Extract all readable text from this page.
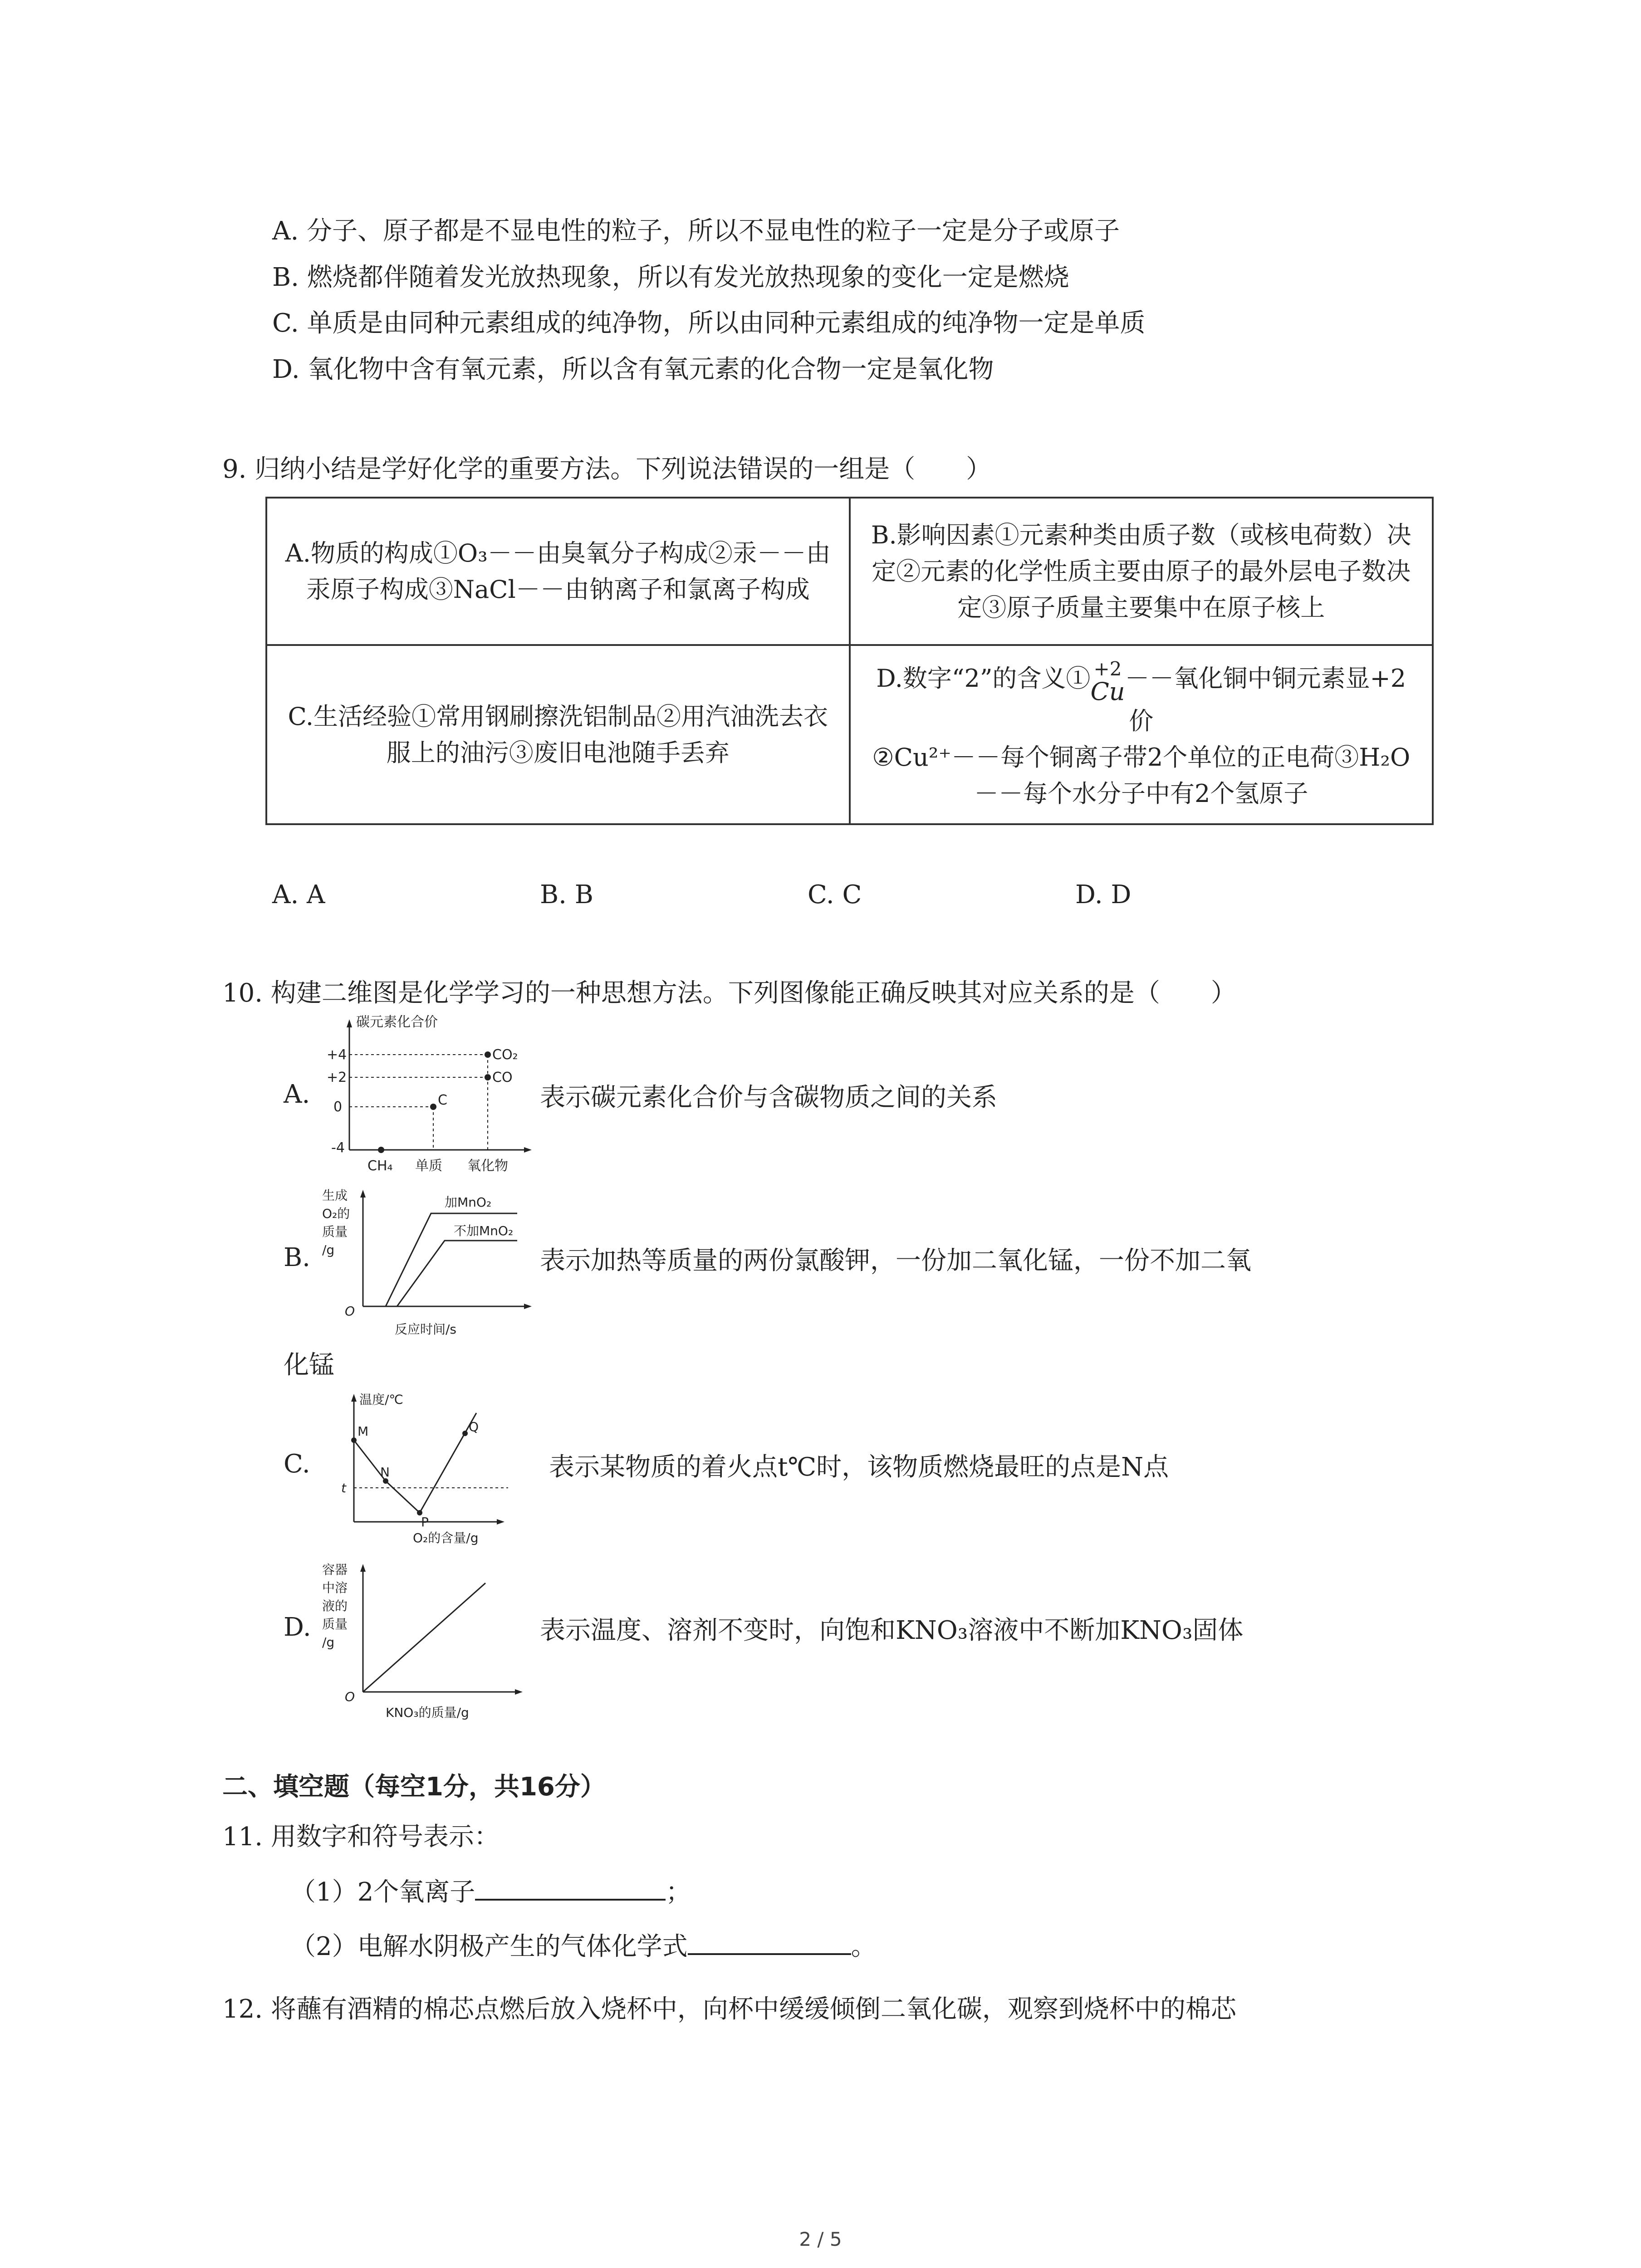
A. 分子、原子都是不显电性的粒子，所以不显电性的粒子一定是分子或原子
B. 燃烧都伴随着发光放热现象，所以有发光放热现象的变化一定是燃烧
C. 单质是由同种元素组成的纯净物，所以由同种元素组成的纯净物一定是单质
D. 氧化物中含有氧元素，所以含有氧元素的化合物一定是氧化物
9. 归纳小结是学好化学的重要方法。下列说法错误的一组是（　　）
A.物质的构成①O₃－－由臭氧分子构成②汞－－由汞原子构成③NaCl－－由钠离子和氯离子构成	B.影响因素①元素种类由质子数（或核电荷数）决定②元素的化学性质主要由原子的最外层电子数决定③原子质量主要集中在原子核上
C.生活经验①常用钢刷擦洗铝制品②用汽油洗去衣服上的油污③废旧电池随手丢弃	D.数字“2”的含义① +2
Cu －－氧化铜中铜元素显+2价
②Cu²⁺－－每个铜离子带2个单位的正电荷③H₂O－－每个水分子中有2个氢原子
A. A	B. B	C. C	D. D
10. 构建二维图是化学学习的一种思想方法。下列图像能正确反映其对应关系的是（　　）
A.
碳元素化合价
+4
+2
0
-4
CO₂
CO
C
CH₄ 单质 氧化物
表示碳元素化合价与含碳物质之间的关系
B.
生成
O₂的
质量
/g
O
加MnO₂
不加MnO₂
反应时间/s
表示加热等质量的两份氯酸钾，一份加二氧化锰，一份不加二氧
化锰
C.
温度/℃
t
M
N
P
Q
O₂的含量/g
表示某物质的着火点t℃时，该物质燃烧最旺的点是N点
D.
容器
中溶
液的
质量
/g
O
KNO₃的质量/g
表示温度、溶剂不变时，向饱和KNO₃溶液中不断加KNO₃固体
二、填空题（每空1分，共16分）
11. 用数字和符号表示：
（1）2个氧离子	；
（2）电解水阴极产生的气体化学式	。
12. 将蘸有酒精的棉芯点燃后放入烧杯中，向杯中缓缓倾倒二氧化碳，观察到烧杯中的棉芯
2 / 5
